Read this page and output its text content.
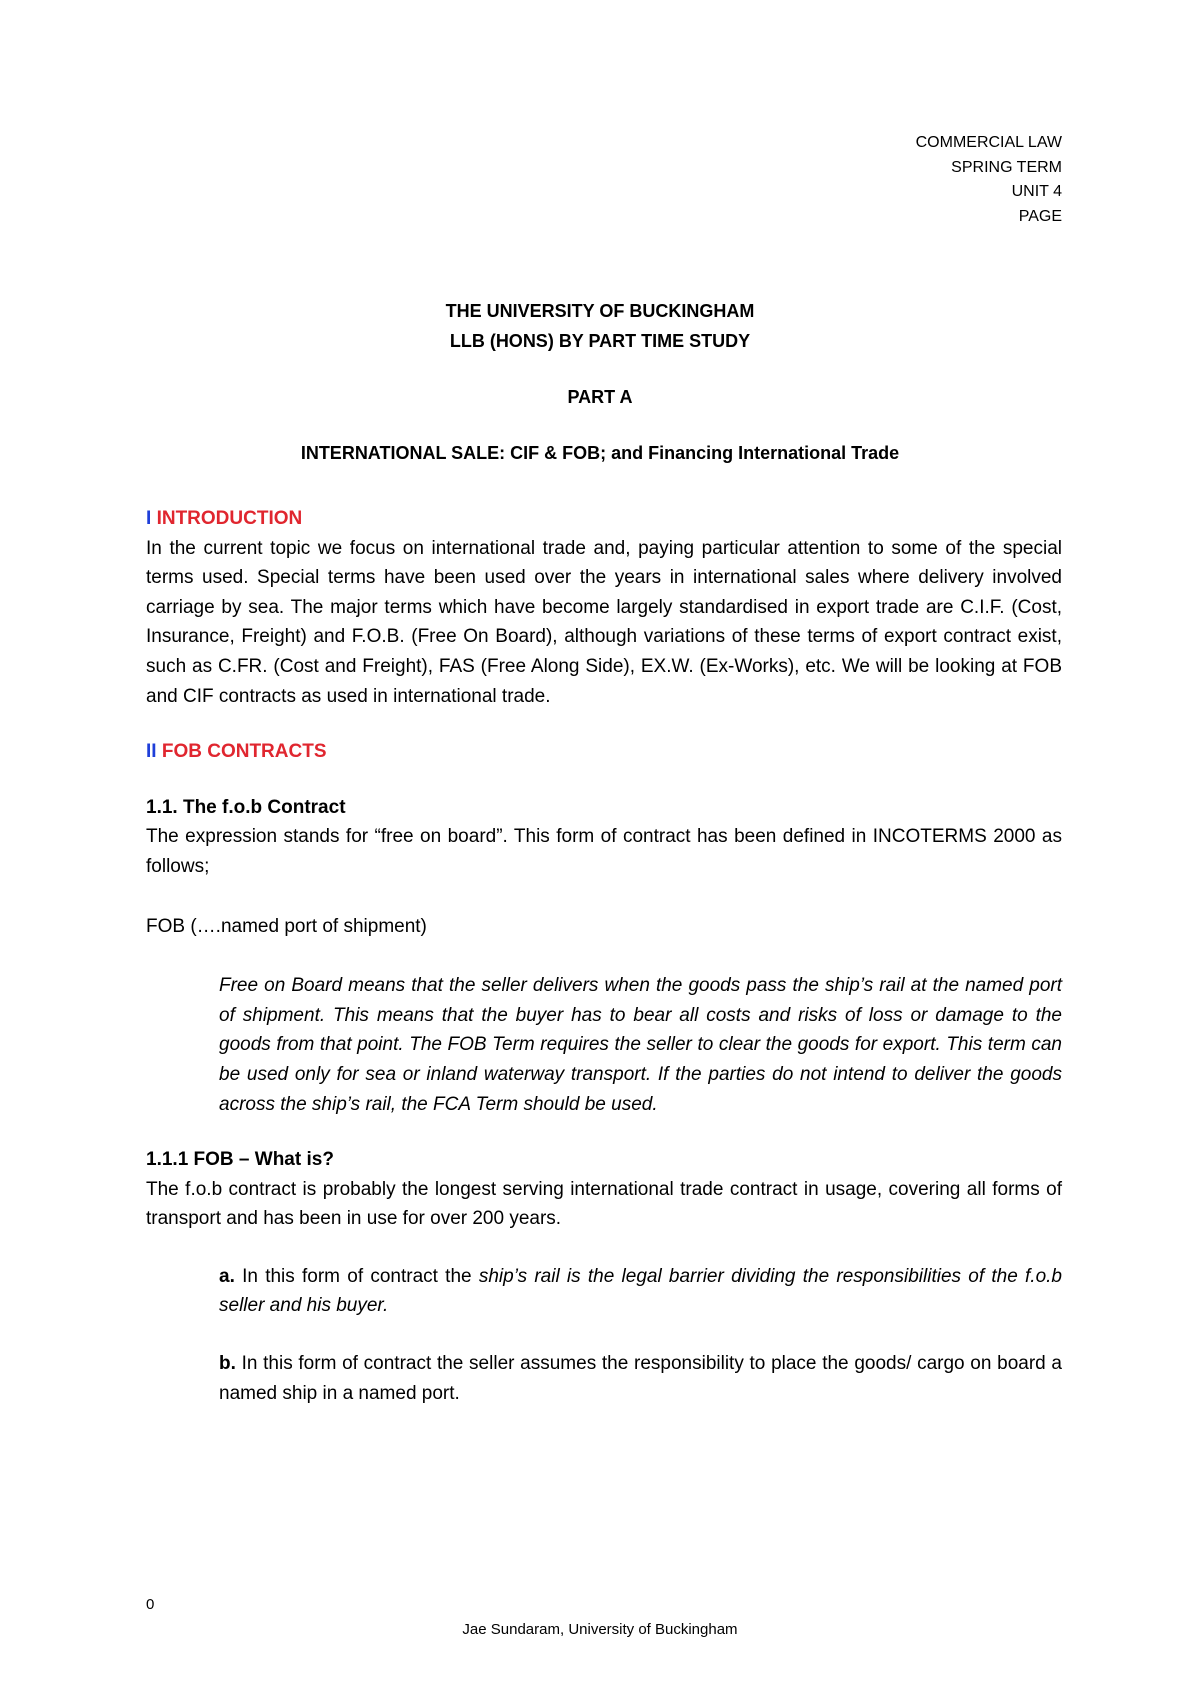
COMMERCIAL LAW
SPRING TERM
UNIT 4
PAGE
THE UNIVERSITY OF BUCKINGHAM
LLB (HONS) BY PART TIME STUDY
PART A
INTERNATIONAL SALE: CIF & FOB; and Financing International Trade

I INTRODUCTION

In the current topic we focus on international trade and, paying particular attention to some of the special terms used. Special terms have been used over the years in international sales where delivery involved carriage by sea. The major terms which have become largely standardised in export trade are C.I.F. (Cost, Insurance, Freight) and F.O.B. (Free On Board), although variations of these terms of export contract exist, such as C.FR. (Cost and Freight), FAS (Free Along Side), EX.W. (Ex-Works), etc. We will be looking at FOB and CIF contracts as used in international trade.

II FOB CONTRACTS

1.1. The f.o.b Contract

The expression stands for “free on board”. This form of contract has been defined in INCOTERMS 2000 as follows;

FOB (….named port of shipment)

Free on Board means that the seller delivers when the goods pass the ship’s rail at the named port of shipment. This means that the buyer has to bear all costs and risks of loss or damage to the goods from that point. The FOB Term requires the seller to clear the goods for export. This term can be used only for sea or inland waterway transport. If the parties do not intend to deliver the goods across the ship’s rail, the FCA Term should be used.

1.1.1 FOB – What is?

The f.o.b contract is probably the longest serving international trade contract in usage, covering all forms of transport and has been in use for over 200 years.

a. In this form of contract the ship’s rail is the legal barrier dividing the responsibilities of the f.o.b seller and his buyer.

b. In this form of contract the seller assumes the responsibility to place the goods/ cargo on board a named ship in a named port.

0
Jae Sundaram, University of Buckingham
